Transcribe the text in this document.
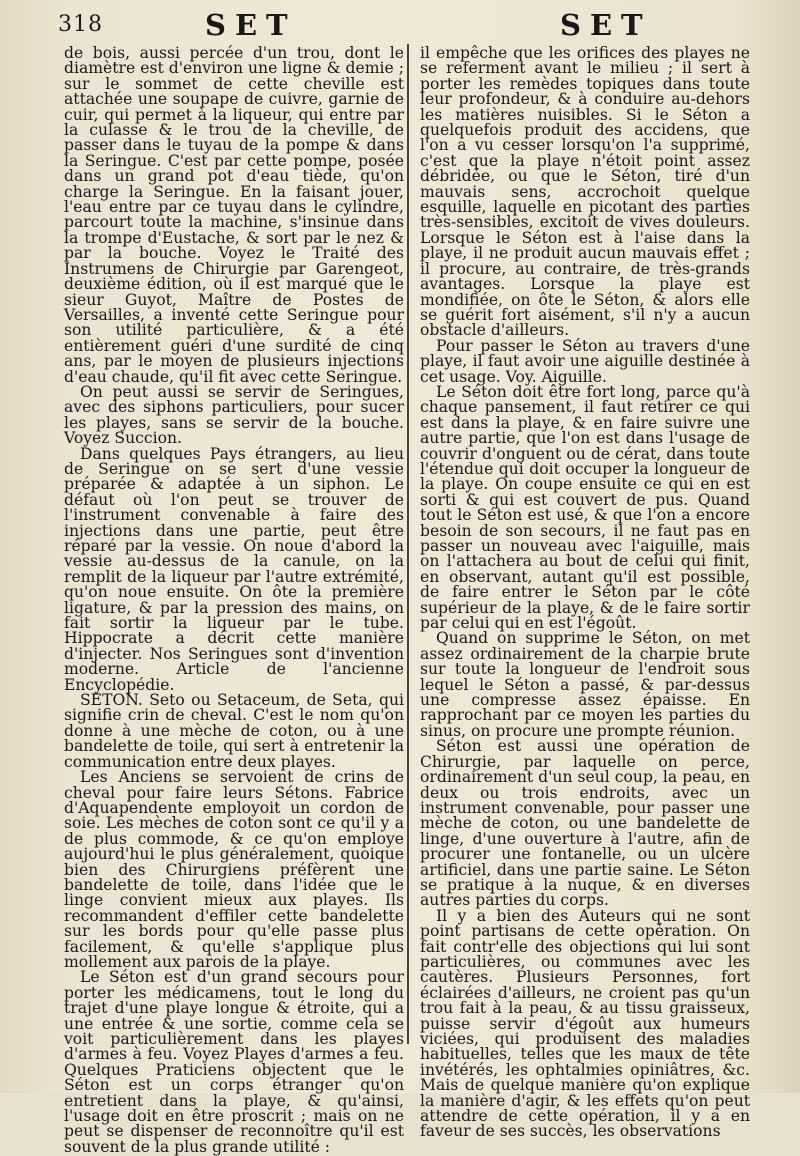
318	SET	SET

de bois, aussi percée d'un trou, dont le diamètre est d'environ une ligne & demie ; sur le sommet de cette cheville est attachée une soupape de cuivre, garnie de cuir, qui permet à la liqueur, qui entre par la culasse & le trou de la cheville, de passer dans le tuyau de la pompe & dans la Seringue. C'est par cette pompe, posée dans un grand pot d'eau tiède, qu'on charge la Seringue. En la faisant jouer, l'eau entre par ce tuyau dans le cylindre, parcourt toute la machine, s'insinue dans la trompe d'Eustache, & sort par le nez & par la bouche. Voyez le Traité des Instrumens de Chirurgie par Garengeot, deuxième édition, où il est marqué que le sieur Guyot, Maître de Postes de Versailles, a inventé cette Seringue pour son utilité particulière, & a été entièrement guéri d'une surdité de cinq ans, par le moyen de plusieurs injections d'eau chaude, qu'il fit avec cette Seringue.

On peut aussi se servir de Seringues, avec des siphons particuliers, pour sucer les playes, sans se servir de la bouche. Voyez Succion.

Dans quelques Pays étrangers, au lieu de Seringue on se sert d'une vessie préparée & adaptée à un siphon. Le défaut où l'on peut se trouver de l'instrument convenable à faire des injections dans une partie, peut être réparé par la vessie. On noue d'abord la vessie au-dessus de la canule, on la remplit de la liqueur par l'autre extrémité, qu'on noue ensuite. On ôte la première ligature, & par la pression des mains, on fait sortir la liqueur par le tube. Hippocrate a décrit cette manière d'injecter. Nos Seringues sont d'invention moderne. Article de l'ancienne Encyclopédie.

SETON. Seto ou Setaceum, de Seta, qui signifie crin de cheval. C'est le nom qu'on donne à une mèche de coton, ou à une bandelette de toile, qui sert à entretenir la communication entre deux playes.

Les Anciens se servoient de crins de cheval pour faire leurs Sétons. Fabrice d'Aquapendente employoit un cordon de soie. Les mèches de coton sont ce qu'il y a de plus commode, & ce qu'on employe aujourd'hui le plus généralement, quoique bien des Chirurgiens préfèrent une bandelette de toile, dans l'idée que le linge convient mieux aux playes. Ils recommandent d'effiler cette bandelette sur les bords pour qu'elle passe plus facilement, & qu'elle s'applique plus mollement aux parois de la playe.

Le Séton est d'un grand secours pour porter les médicamens, tout le long du trajet d'une playe longue & étroite, qui a une entrée & une sortie, comme cela se voit particulièrement dans les playes d'armes à feu. Voyez Playes d'armes a feu. Quelques Praticiens objectent que le Séton est un corps étranger qu'on entretient dans la playe, & qu'ainsi, l'usage doit en être proscrit ; mais on ne peut se dispenser de reconnoître qu'il est souvent de la plus grande utilité :

il empêche que les orifices des playes ne se referment avant le milieu ; il sert à porter les remèdes topiques dans toute leur profondeur, & à conduire au-dehors les matières nuisibles. Si le Séton a quelquefois produit des accidens, que l'on a vu cesser lorsqu'on l'a supprimé, c'est que la playe n'étoit point assez débridée, ou que le Séton, tiré d'un mauvais sens, accrochoit quelque esquille, laquelle en picotant des parties très-sensibles, excitoit de vives douleurs. Lorsque le Séton est à l'aise dans la playe, il ne produit aucun mauvais effet ; il procure, au contraire, de très-grands avantages. Lorsque la playe est mondifiée, on ôte le Séton, & alors elle se guérit fort aisément, s'il n'y a aucun obstacle d'ailleurs.

Pour passer le Séton au travers d'une playe, il faut avoir une aiguille destinée à cet usage. Voy. Aiguille.

Le Séton doit être fort long, parce qu'à chaque pansement, il faut retirer ce qui est dans la playe, & en faire suivre une autre partie, que l'on est dans l'usage de couvrir d'onguent ou de cérat, dans toute l'étendue qui doit occuper la longueur de la playe. On coupe ensuite ce qui en est sorti & qui est couvert de pus. Quand tout le Séton est usé, & que l'on a encore besoin de son secours, il ne faut pas en passer un nouveau avec l'aiguille, mais on l'attachera au bout de celui qui finit, en observant, autant qu'il est possible, de faire entrer le Séton par le côté supérieur de la playe, & de le faire sortir par celui qui en est l'égoût.

Quand on supprime le Séton, on met assez ordinairement de la charpie brute sur toute la longueur de l'endroit sous lequel le Séton a passé, & par-dessus une compresse assez épaisse. En rapprochant par ce moyen les parties du sinus, on procure une prompte réunion.

Séton est aussi une opération de Chirurgie, par laquelle on perce, ordinairement d'un seul coup, la peau, en deux ou trois endroits, avec un instrument convenable, pour passer une mèche de coton, ou une bandelette de linge, d'une ouverture à l'autre, afin de procurer une fontanelle, ou un ulcère artificiel, dans une partie saine. Le Séton se pratique à la nuque, & en diverses autres parties du corps.

Il y a bien des Auteurs qui ne sont point partisans de cette opération. On fait contr'elle des objections qui lui sont particulières, ou communes avec les cautères. Plusieurs Personnes, fort éclairées d'ailleurs, ne croient pas qu'un trou fait à la peau, & au tissu graisseux, puisse servir d'égoût aux humeurs viciées, qui produisent des maladies habituelles, telles que les maux de tête invétérés, les ophtalmies opiniâtres, &c. Mais de quelque manière qu'on explique la manière d'agir, & les effets qu'on peut attendre de cette opération, il y a en faveur de ses succès, les observations
